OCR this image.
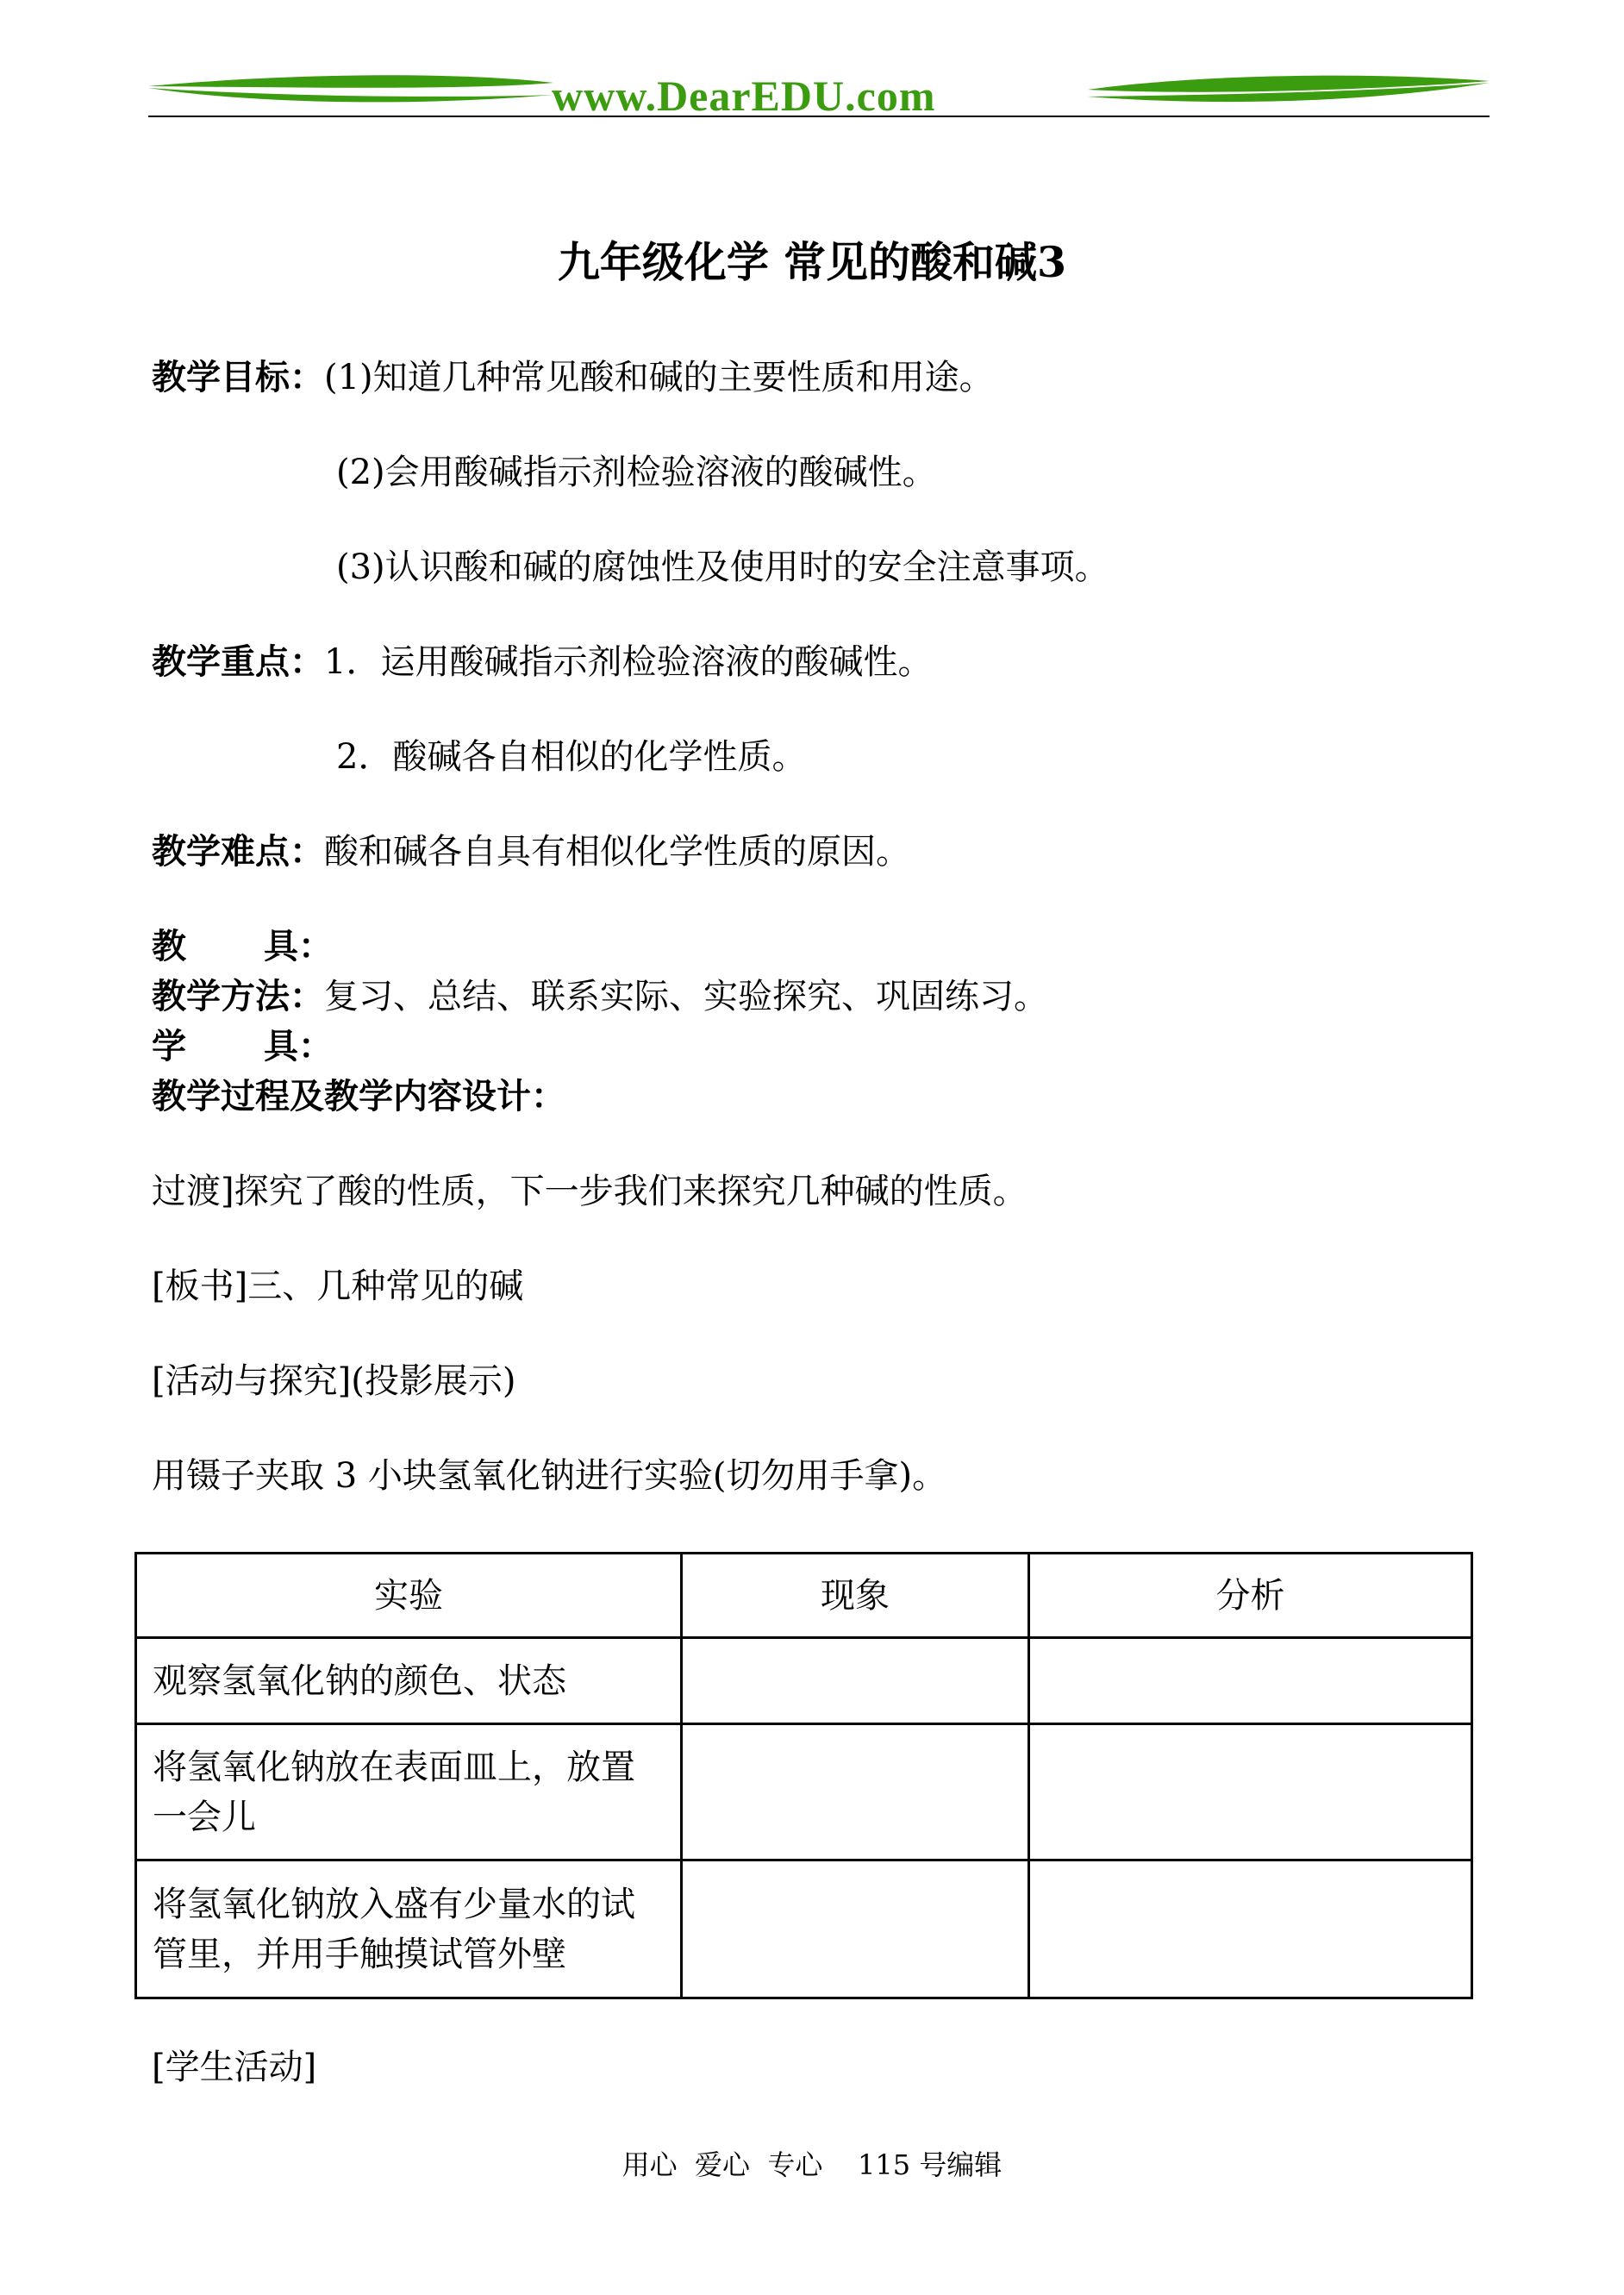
www.DearEDU.com
九年级化学 常见的酸和碱3
教学目标：(1)知道几种常见酸和碱的主要性质和用途。
(2)会用酸碱指示剂检验溶液的酸碱性。
(3)认识酸和碱的腐蚀性及使用时的安全注意事项。
教学重点：1．运用酸碱指示剂检验溶液的酸碱性。
2．酸碱各自相似的化学性质。
教学难点：酸和碱各自具有相似化学性质的原因。
教 具：
教学方法：复习、总结、联系实际、实验探究、巩固练习。
学 具：
教学过程及教学内容设计：
过渡]探究了酸的性质，下一步我们来探究几种碱的性质。
[板书]三、几种常见的碱
[活动与探究](投影展示)
用镊子夹取 3 小块氢氧化钠进行实验(切勿用手拿)。
实验	现象	分析
观察氢氧化钠的颜色、状态		
将氢氧化钠放在表面皿上，放置一会儿		
将氢氧化钠放入盛有少量水的试管里，并用手触摸试管外壁		
[学生活动]
用心  爱心  专心    115 号编辑
